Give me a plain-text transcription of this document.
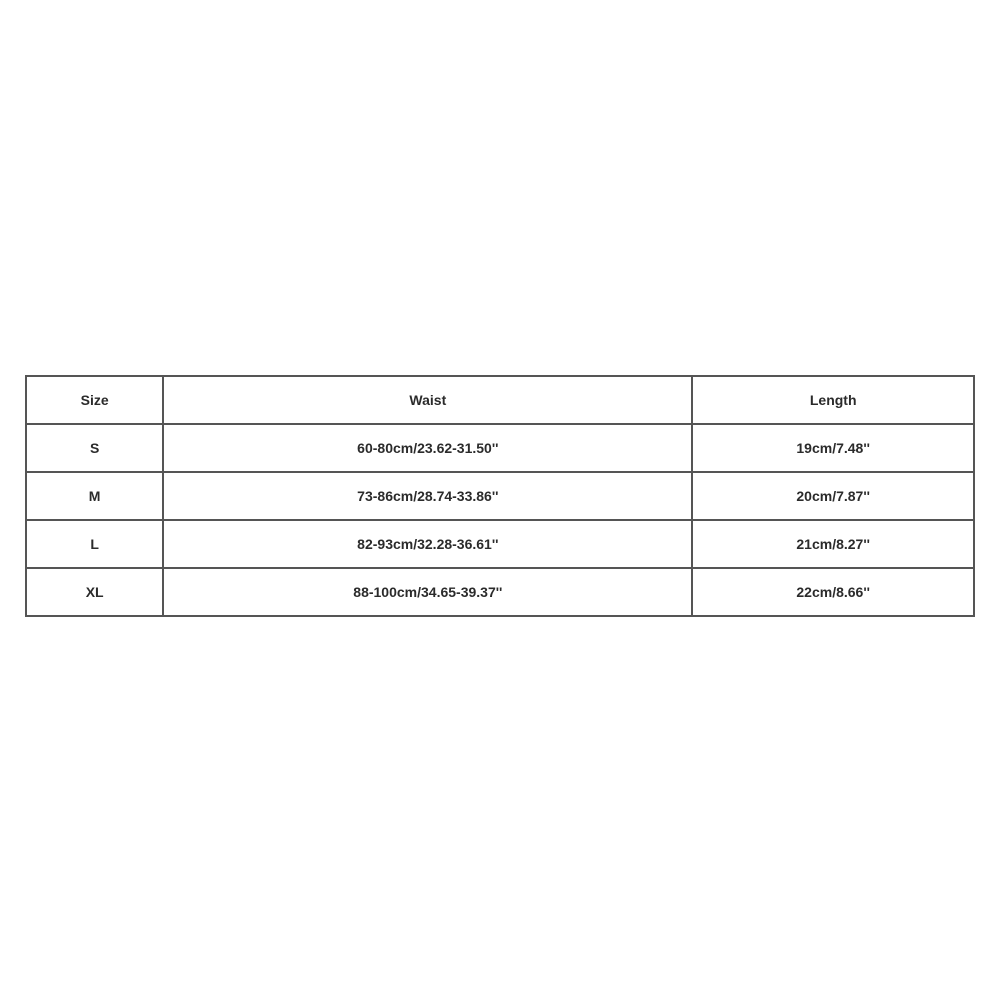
Size	Waist	Length
S	60-80cm/23.62-31.50''	19cm/7.48''
M	73-86cm/28.74-33.86''	20cm/7.87''
L	82-93cm/32.28-36.61''	21cm/8.27''
XL	88-100cm/34.65-39.37''	22cm/8.66''
